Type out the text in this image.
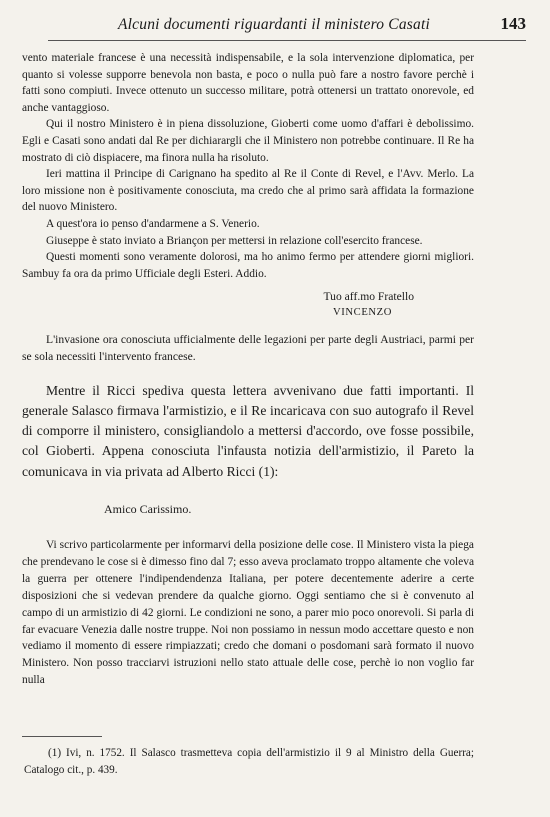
Alcuni documenti riguardanti il ministero Casati	143

vento materiale francese è una necessità indispensabile, e la sola intervenzione diplomatica, per quanto si volesse supporre benevola non basta, e poco o nulla può fare a nostro favore perchè i fatti sono compiuti. Invece ottenuto un successo militare, potrà ottenersi un trattato onorevole, ed anche vantaggioso.

Qui il nostro Ministero è in piena dissoluzione, Gioberti come uomo d'affari è debolissimo. Egli e Casati sono andati dal Re per dichiarargli che il Ministero non potrebbe continuare. Il Re ha mostrato di ciò dispiacere, ma finora nulla ha risoluto.

Ieri mattina il Principe di Carignano ha spedito al Re il Conte di Revel, e l'Avv. Merlo. La loro missione non è positivamente conosciuta, ma credo che al primo sarà affidata la formazione del nuovo Ministero.

A quest'ora io penso d'andarmene a S. Venerio.

Giuseppe è stato inviato a Briançon per mettersi in relazione coll'esercito francese.

Questi momenti sono veramente dolorosi, ma ho animo fermo per attendere giorni migliori. Sambuy fa ora da primo Ufficiale degli Esteri. Addio.

Tuo aff.mo Fratello
VINCENZO

L'invasione ora conosciuta ufficialmente delle legazioni per parte degli Austriaci, parmi per se sola necessiti l'intervento francese.

Mentre il Ricci spediva questa lettera avvenivano due fatti importanti. Il generale Salasco firmava l'armistizio, e il Re incaricava con suo autografo il Revel di comporre il ministero, consigliandolo a mettersi d'accordo, ove fosse possibile, col Gioberti. Appena conosciuta l'infausta notizia dell'armistizio, il Pareto la comunicava in via privata ad Alberto Ricci (1):

Amico Carissimo.

Vi scrivo particolarmente per informarvi della posizione delle cose. Il Ministero vista la piega che prendevano le cose si è dimesso fino dal 7; esso aveva proclamato troppo altamente che voleva la guerra per ottenere l'indipendendenza Italiana, per potere decentemente aderire a certe disposizioni che si vedevan prendere da qualche giorno. Oggi sentiamo che si è convenuto al campo di un armistizio di 42 giorni. Le condizioni ne sono, a parer mio poco onorevoli. Si parla di far evacuare Venezia dalle nostre truppe. Noi non possiamo in nessun modo accettare questo e non vediamo il momento di essere rimpiazzati; credo che domani o posdomani sarà formato il nuovo Ministero. Non posso tracciarvi istruzioni nello stato attuale delle cose, perchè io non voglio far nulla

(1) Ivi, n. 1752. Il Salasco trasmetteva copia dell'armistizio il 9 al Ministro della Guerra; Catalogo cit., p. 439.
